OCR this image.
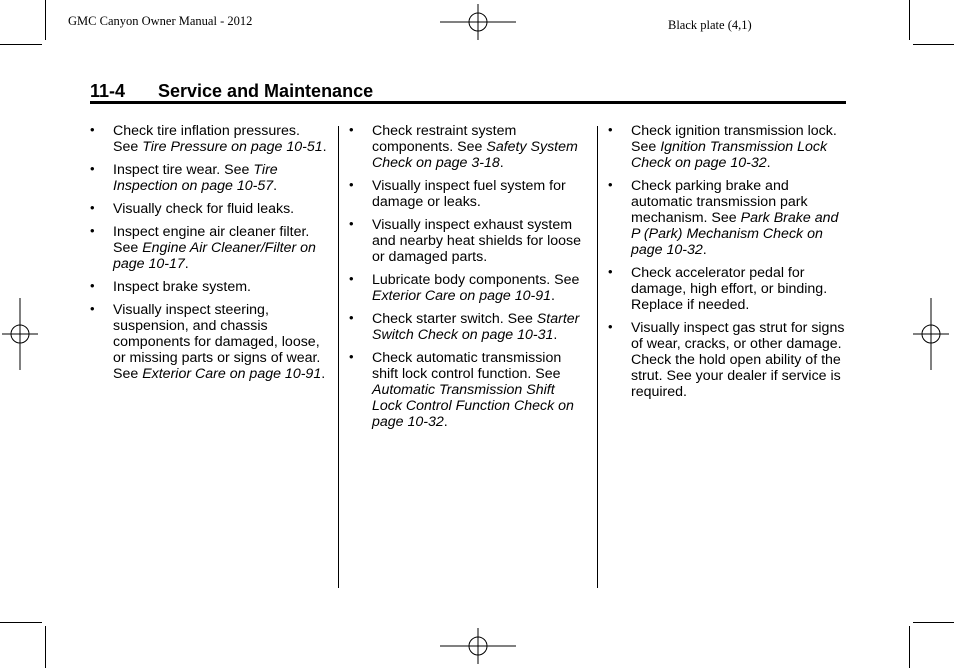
GMC Canyon Owner Manual - 2012	Black plate (4,1)
11-4 Service and Maintenance
• Check tire inflation pressures. See Tire Pressure on page 10-51.
• Inspect tire wear. See Tire Inspection on page 10-57.
• Visually check for fluid leaks.
• Inspect engine air cleaner filter. See Engine Air Cleaner/Filter on page 10-17.
• Inspect brake system.
• Visually inspect steering, suspension, and chassis components for damaged, loose, or missing parts or signs of wear. See Exterior Care on page 10-91.
• Check restraint system components. See Safety System Check on page 3-18.
• Visually inspect fuel system for damage or leaks.
• Visually inspect exhaust system and nearby heat shields for loose or damaged parts.
• Lubricate body components. See Exterior Care on page 10-91.
• Check starter switch. See Starter Switch Check on page 10-31.
• Check automatic transmission shift lock control function. See Automatic Transmission Shift Lock Control Function Check on page 10-32.
• Check ignition transmission lock. See Ignition Transmission Lock Check on page 10-32.
• Check parking brake and automatic transmission park mechanism. See Park Brake and P (Park) Mechanism Check on page 10-32.
• Check accelerator pedal for damage, high effort, or binding. Replace if needed.
• Visually inspect gas strut for signs of wear, cracks, or other damage. Check the hold open ability of the strut. See your dealer if service is required.
